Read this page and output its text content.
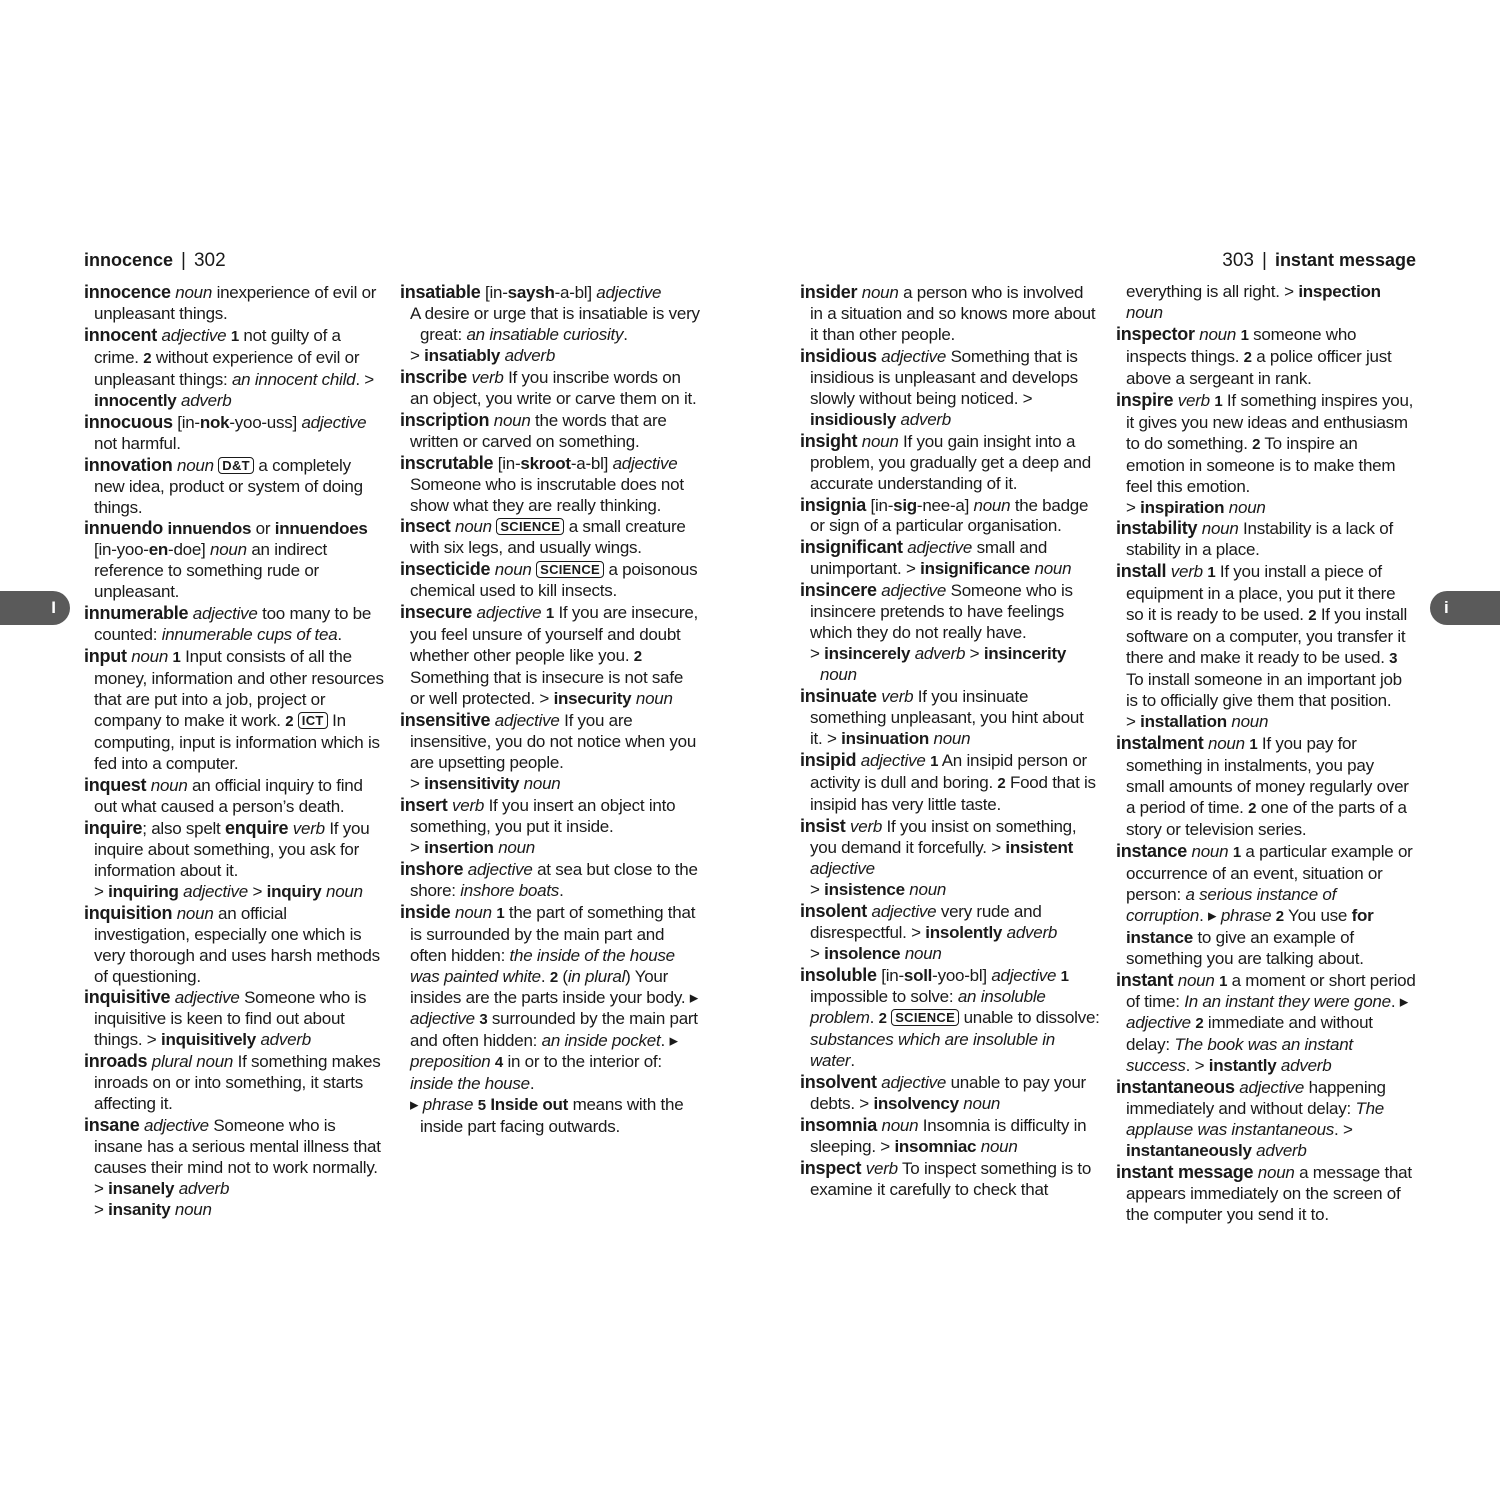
innocence | 302	303 | instant message
I	i
innocence noun inexperience of evil or unpleasant things.
innocent adjective 1 not guilty of a crime. 2 without experience of evil or unpleasant things: an innocent child. > innocently adverb
innocuous [in-nok-yoo-uss] adjective not harmful.
innovation noun D&T a completely new idea, product or system of doing things.
innuendo innuendos or innuendoes [in-yoo-en-doe] noun an indirect reference to something rude or unpleasant.
innumerable adjective too many to be counted: innumerable cups of tea.
input noun 1 Input consists of all the money, information and other resources that are put into a job, project or company to make it work. 2 ICT In computing, input is information which is fed into a computer.
inquest noun an official inquiry to find out what caused a person’s death.
inquire; also spelt enquire verb If you inquire about something, you ask for information about it.
> inquiring adjective > inquiry noun
inquisition noun an official investigation, especially one which is very thorough and uses harsh methods of questioning.
inquisitive adjective Someone who is inquisitive is keen to find out about things. > inquisitively adverb
inroads plural noun If something makes inroads on or into something, it starts affecting it.
insane adjective Someone who is insane has a serious mental illness that causes their mind not to work normally. > insanely adverb
> insanity noun
insatiable [in-saysh-a-bl] adjective
A desire or urge that is insatiable is very great: an insatiable curiosity.
> insatiably adverb
inscribe verb If you inscribe words on an object, you write or carve them on it.
inscription noun the words that are written or carved on something.
inscrutable [in-skroot-a-bl] adjective Someone who is inscrutable does not show what they are really thinking.
insect noun SCIENCE a small creature with six legs, and usually wings.
insecticide noun SCIENCE a poisonous chemical used to kill insects.
insecure adjective 1 If you are insecure, you feel unsure of yourself and doubt whether other people like you. 2 Something that is insecure is not safe or well protected. > insecurity noun
insensitive adjective If you are insensitive, you do not notice when you are upsetting people.
> insensitivity noun
insert verb If you insert an object into something, you put it inside.
> insertion noun
inshore adjective at sea but close to the shore: inshore boats.
inside noun 1 the part of something that is surrounded by the main part and often hidden: the inside of the house was painted white. 2 (in plural) Your insides are the parts inside your body. ▸ adjective 3 surrounded by the main part and often hidden: an inside pocket. ▸ preposition 4 in or to the interior of: inside the house.
▸ phrase 5 Inside out means with the inside part facing outwards.
insider noun a person who is involved in a situation and so knows more about it than other people.
insidious adjective Something that is insidious is unpleasant and develops slowly without being noticed. > insidiously adverb
insight noun If you gain insight into a problem, you gradually get a deep and accurate understanding of it.
insignia [in-sig-nee-a] noun the badge or sign of a particular organisation.
insignificant adjective small and unimportant. > insignificance noun
insincere adjective Someone who is insincere pretends to have feelings which they do not really have.
> insincerely adverb > insincerity noun
insinuate verb If you insinuate something unpleasant, you hint about it. > insinuation noun
insipid adjective 1 An insipid person or activity is dull and boring. 2 Food that is insipid has very little taste.
insist verb If you insist on something, you demand it forcefully. > insistent adjective
> insistence noun
insolent adjective very rude and disrespectful. > insolently adverb
> insolence noun
insoluble [in-soll-yoo-bl] adjective 1 impossible to solve: an insoluble problem. 2 SCIENCE unable to dissolve: substances which are insoluble in water.
insolvent adjective unable to pay your debts. > insolvency noun
insomnia noun Insomnia is difficulty in sleeping. > insomniac noun
inspect verb To inspect something is to examine it carefully to check that
everything is all right. > inspection noun
inspector noun 1 someone who inspects things. 2 a police officer just above a sergeant in rank.
inspire verb 1 If something inspires you, it gives you new ideas and enthusiasm to do something. 2 To inspire an emotion in someone is to make them feel this emotion.
> inspiration noun
instability noun Instability is a lack of stability in a place.
install verb 1 If you install a piece of equipment in a place, you put it there so it is ready to be used. 2 If you install software on a computer, you transfer it there and make it ready to be used. 3 To install someone in an important job is to officially give them that position.
> installation noun
instalment noun 1 If you pay for something in instalments, you pay small amounts of money regularly over a period of time. 2 one of the parts of a story or television series.
instance noun 1 a particular example or occurrence of an event, situation or person: a serious instance of corruption. ▸ phrase 2 You use for instance to give an example of something you are talking about.
instant noun 1 a moment or short period of time: In an instant they were gone. ▸ adjective 2 immediate and without delay: The book was an instant success. > instantly adverb
instantaneous adjective happening immediately and without delay: The applause was instantaneous. > instantaneously adverb
instant message noun a message that appears immediately on the screen of the computer you send it to.
